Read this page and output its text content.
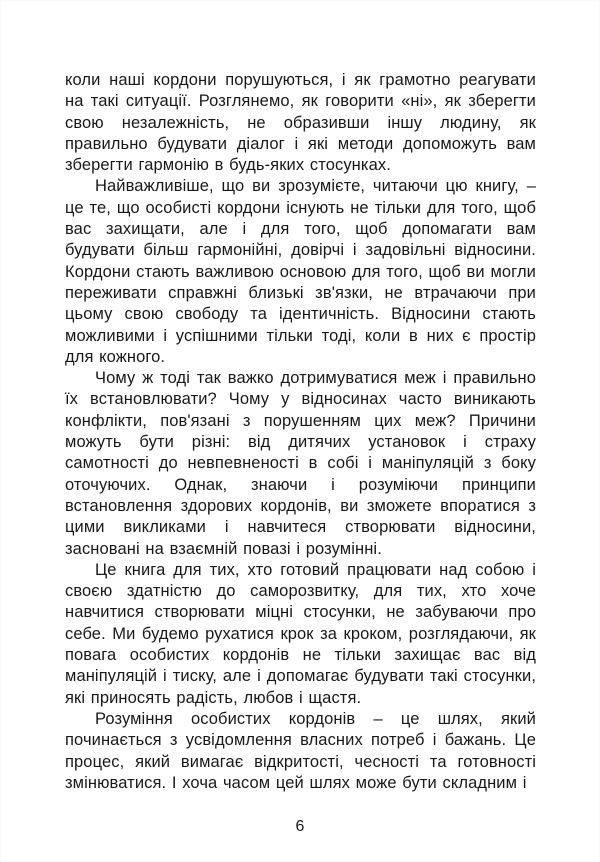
коли наші кордони порушуються, і як грамотно реагувати на такі ситуації. Розглянемо, як говорити «ні», як зберегти свою незалежність, не образивши іншу людину, як правильно будувати діалог і які методи допоможуть вам зберегти гармонію в будь-яких стосунках.

Найважливіше, що ви зрозумієте, читаючи цю книгу, – це те, що особисті кордони існують не тільки для того, щоб вас захищати, але і для того, щоб допомагати вам будувати більш гармонійні, довірчі і задовільні відносини. Кордони стають важливою основою для того, щоб ви могли переживати справжні близькі зв'язки, не втрачаючи при цьому свою свободу та ідентичність. Відносини стають можливими і успішними тільки тоді, коли в них є простір для кожного.

Чому ж тоді так важко дотримуватися меж і правильно їх встановлювати? Чому у відносинах часто виникають конфлікти, пов'язані з порушенням цих меж? Причини можуть бути різні: від дитячих установок і страху самотності до невпевненості в собі і маніпуляцій з боку оточуючих. Однак, знаючи і розуміючи принципи встановлення здорових кордонів, ви зможете впоратися з цими викликами і навчитеся створювати відносини, засновані на взаємній повазі і розумінні.

Це книга для тих, хто готовий працювати над собою і своєю здатністю до саморозвитку, для тих, хто хоче навчитися створювати міцні стосунки, не забуваючи про себе. Ми будемо рухатися крок за кроком, розглядаючи, як повага особистих кордонів не тільки захищає вас від маніпуляцій і тиску, але і допомагає будувати такі стосунки, які приносять радість, любов і щастя.

Розуміння особистих кордонів – це шлях, який починається з усвідомлення власних потреб і бажань. Це процес, який вимагає відкритості, чесності та готовності змінюватися. І хоча часом цей шлях може бути складним і

6
